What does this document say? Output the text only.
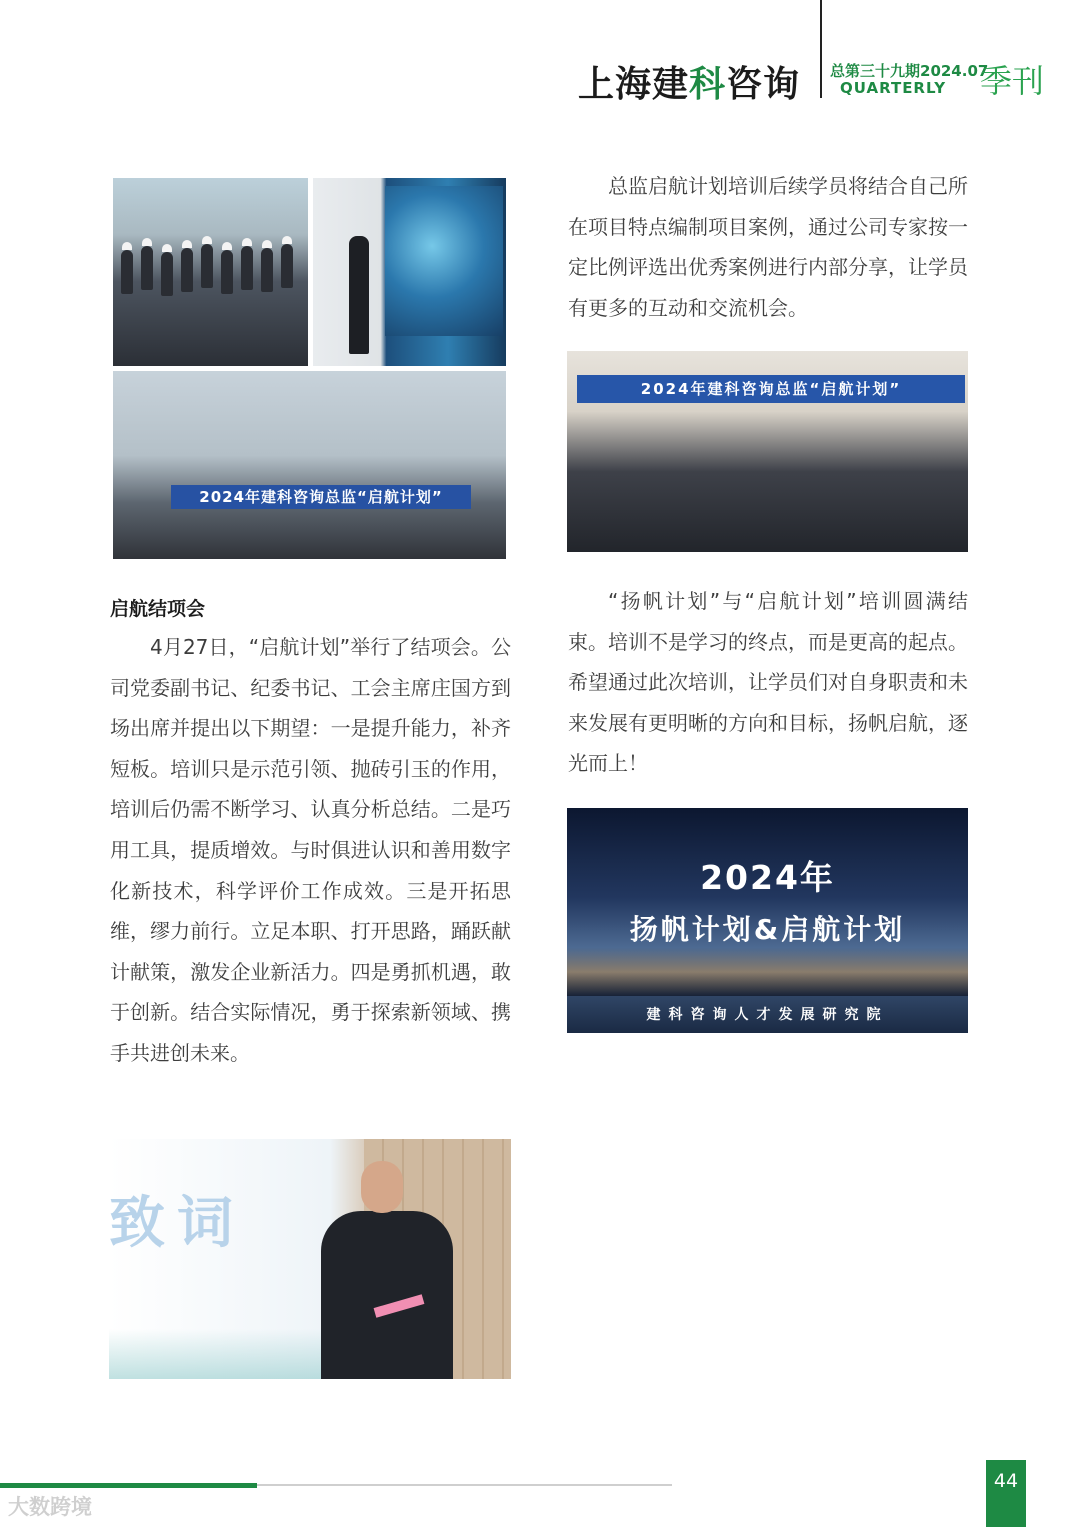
上海建科咨询 总第三十九期2024.07
QUARTERLY 季刊
2024年建科咨询总监“启航计划”

总监启航计划培训后续学员将结合自己所在项目特点编制项目案例，通过公司专家按一定比例评选出优秀案例进行内部分享，让学员有更多的互动和交流机会。

2024年建科咨询总监“启航计划”

“扬帆计划”与“启航计划”培训圆满结束。培训不是学习的终点，而是更高的起点。希望通过此次培训，让学员们对自身职责和未来发展有更明晰的方向和目标，扬帆启航，逐光而上！

2024年
扬帆计划&启航计划
建科咨询人才发展研究院
启航结项会

4月27日，“启航计划”举行了结项会。公司党委副书记、纪委书记、工会主席庄国方到场出席并提出以下期望：一是提升能力，补齐短板。培训只是示范引领、抛砖引玉的作用，培训后仍需不断学习、认真分析总结。二是巧用工具，提质增效。与时俱进认识和善用数字化新技术，科学评价工作成效。三是开拓思维，缪力前行。立足本职、打开思路，踊跃献计献策，激发企业新活力。四是勇抓机遇，敢于创新。结合实际情况，勇于探索新领域、携手共进创未来。

致词
大数跨境
44
